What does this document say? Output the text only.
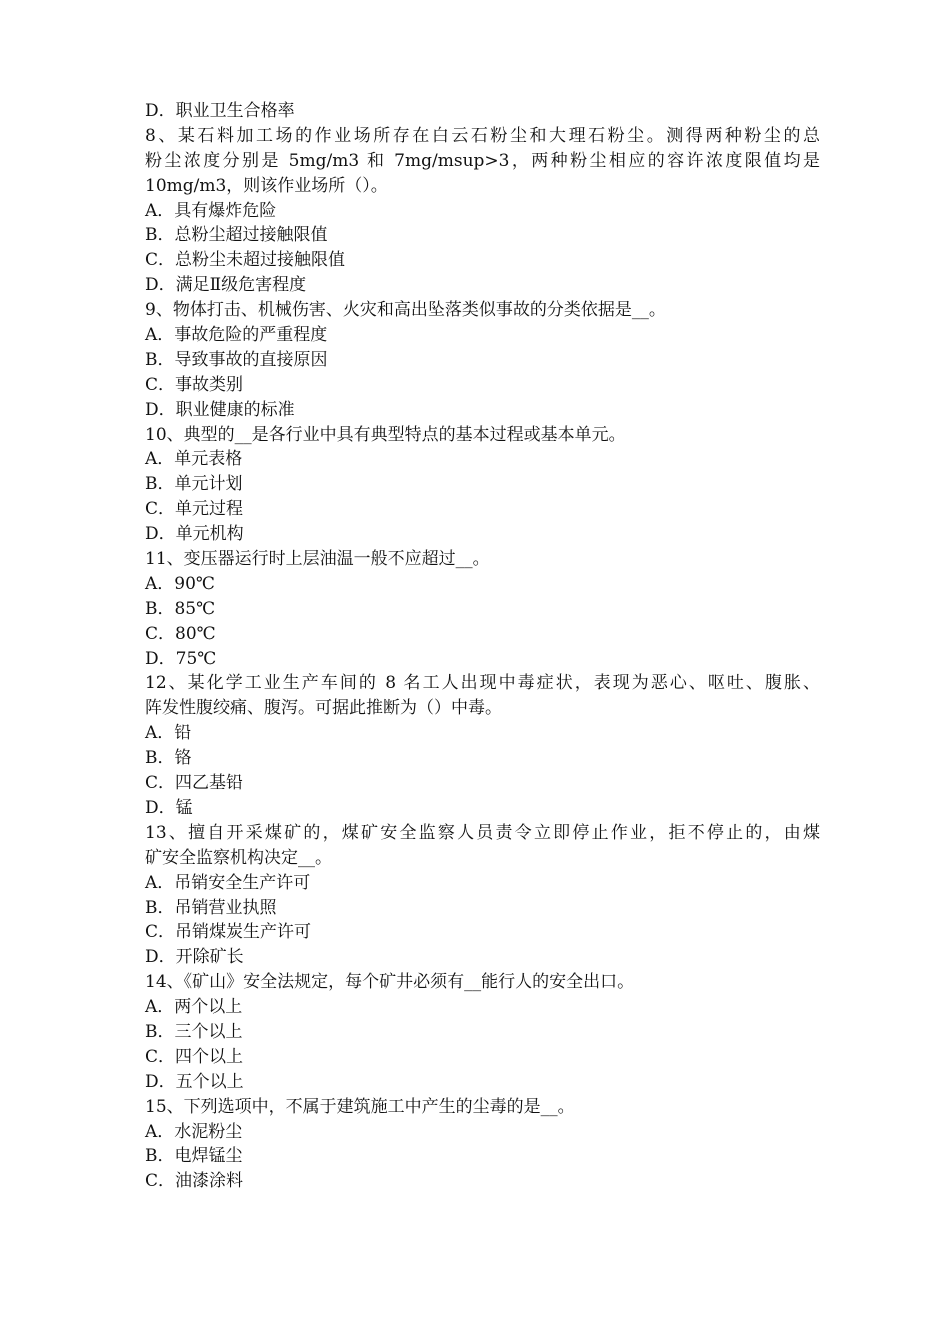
D．职业卫生合格率
8、某石料加工场的作业场所存在白云石粉尘和大理石粉尘。测得两种粉尘的总
粉尘浓度分别是 5mg/m3 和 7mg/msup>3，两种粉尘相应的容许浓度限值均是
10mg/m3，则该作业场所（）。
A．具有爆炸危险
B．总粉尘超过接触限值
C．总粉尘未超过接触限值
D．满足Ⅱ级危害程度
9、物体打击、机械伤害、火灾和高出坠落类似事故的分类依据是__。
A．事故危险的严重程度
B．导致事故的直接原因
C．事故类别
D．职业健康的标准
10、典型的__是各行业中具有典型特点的基本过程或基本单元。
A．单元表格
B．单元计划
C．单元过程
D．单元机构
11、变压器运行时上层油温一般不应超过__。
A．90℃
B．85℃
C．80℃
D．75℃
12、某化学工业生产车间的 8 名工人出现中毒症状，表现为恶心、呕吐、腹胀、
阵发性腹绞痛、腹泻。可据此推断为（）中毒。
A．铅
B．铬
C．四乙基铅
D．锰
13、擅自开采煤矿的，煤矿安全监察人员责令立即停止作业，拒不停止的，由煤
矿安全监察机构决定__。
A．吊销安全生产许可
B．吊销营业执照
C．吊销煤炭生产许可
D．开除矿长
14、《矿山》安全法规定，每个矿井必须有__能行人的安全出口。
A．两个以上
B．三个以上
C．四个以上
D．五个以上
15、下列选项中，不属于建筑施工中产生的尘毒的是__。
A．水泥粉尘
B．电焊锰尘
C．油漆涂料
